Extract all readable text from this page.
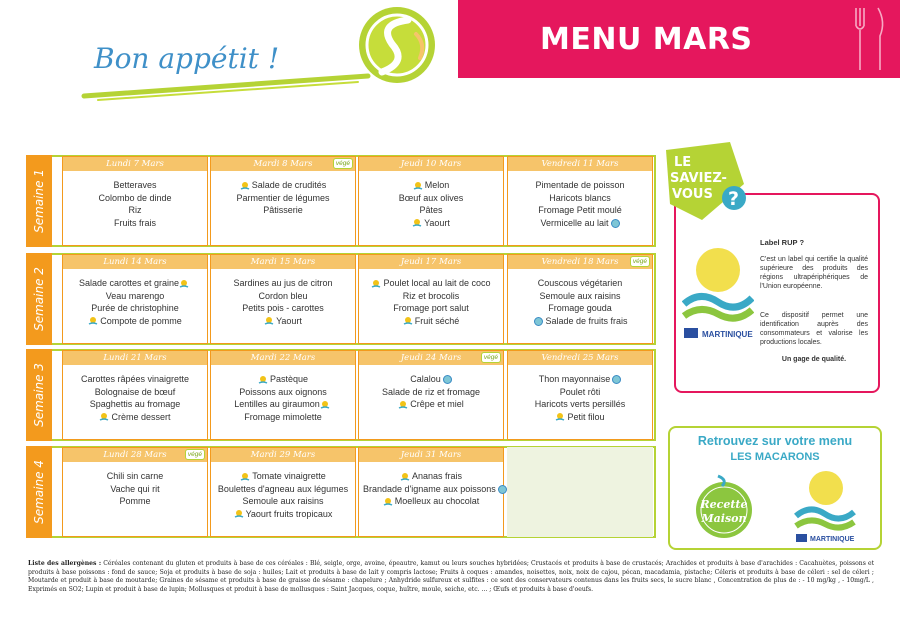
MENU MARS
Bon appétit !
Semaine 1
Lundi 7 Mars
Betteraves
Colombo de dinde
Riz
Fruits frais
Mardi 8 Mars	végé
Salade de crudités
Parmentier de légumes
Pâtisserie
Jeudi 10 Mars
Melon
Bœuf aux olives
Pâtes
Yaourt
Vendredi 11 Mars
Pimentade de poisson
Haricots blancs
Fromage Petit moulé
Vermicelle au lait
Semaine 2
Lundi 14 Mars
Salade carottes et graine
Veau marengo
Purée de christophine
Compote de pomme
Mardi 15 Mars
Sardines au jus de citron
Cordon bleu
Petits pois - carottes
Yaourt
Jeudi 17 Mars
Poulet local au lait de coco
Riz et brocolis
Fromage port salut
Fruit séché
Vendredi 18 Mars	végé
Couscous végétarien
Semoule aux raisins
Fromage gouda
Salade de fruits frais
Semaine 3
Lundi 21 Mars
Carottes râpées vinaigrette
Bolognaise de bœuf
Spaghettis au fromage
Crème dessert
Mardi 22 Mars
Pastèque
Poissons aux oignons
Lentilles au giraumon
Fromage mimolette
Jeudi 24 Mars	végé
Calalou
Salade de riz et fromage
Crêpe et miel
Vendredi 25 Mars
Thon mayonnaise
Poulet rôti
Haricots verts persillés
Petit filou
Semaine 4
Lundi 28 Mars	végé
Chili sin carne
Vache qui rit
Pomme
Mardi 29 Mars
Tomate vinaigrette
Boulettes d'agneau aux légumes
Semoule aux raisins
Yaourt fruits tropicaux
Jeudi 31 Mars
Ananas frais
Brandade d'igname aux poissons
Moelleux au chocolat
LE
SAVIEZ-
VOUS ?
Label RUP ?
C'est un label qui certifie la qualité supérieure des produits des régions ultrapériphériques de l'Union européenne.
Ce dispositif permet une identification auprès des consommateurs et valorise les productions locales.
Un gage de qualité.
MARTINIQUE
Retrouvez sur votre menu
LES MACARONS
Recette
Maison
MARTINIQUE
Liste des allergènes : Céréales contenant du gluten et produits à base de ces céréales : Blé, seigle, orge, avoine, épeautre, kamut ou leurs souches hybridées; Crustacés et produits à base de crustacés; Arachides et produits à base d'arachides : Cacahuètes, poissons et produits à base poissons : fond de sauce; Soja et produits à base de soja : huiles; Lait et produits à base de lait y compris lactose; Fruits à coques : amandes, noisettes, noix, noix de cajou, pécan, macadamia, pistache; Céleris et produits à base de céleri : sel de céleri ; Moutarde et produit à base de moutarde; Graines de sésame et produits à base de graisse de sésame : chapelure ; Anhydride sulfureux et sulfites : ce sont des conservateurs contenus dans les fruits secs, le sucre blanc , Concentration de plus de : - 10 mg/kg , - 10mg/L , Exprimés en SO2; Lupin et produit à base de lupin; Mollusques et produit à base de mollusques : Saint Jacques, coque, huître, moule, seiche, etc. ... ; Œufs et produits à base d'oeufs.
